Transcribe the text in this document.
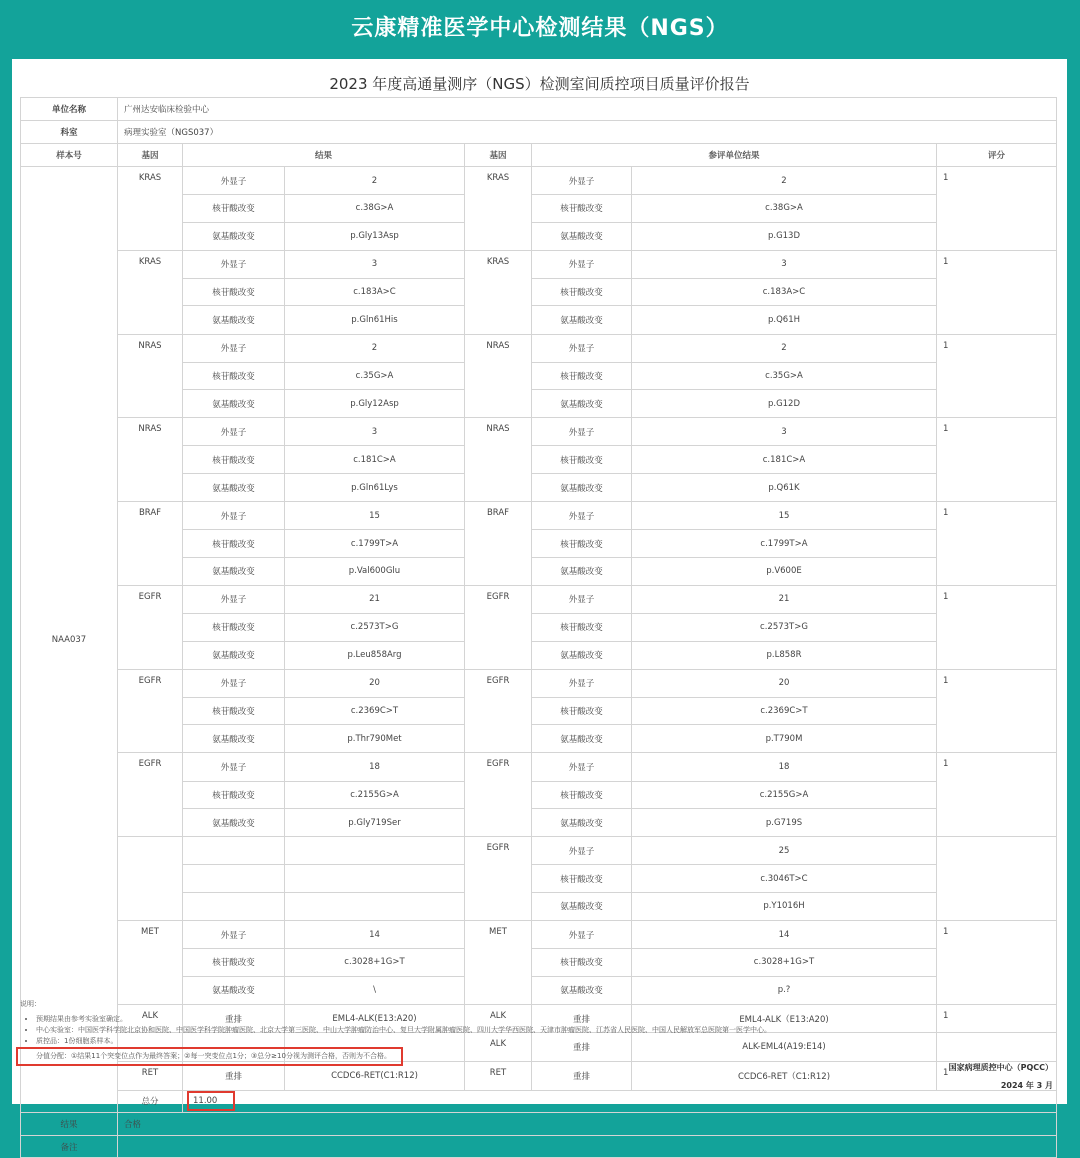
云康精准医学中心检测结果（NGS）
2023 年度高通量测序（NGS）检测室间质控项目质量评价报告
单位名称	广州达安临床检验中心						
科室	病理实验室（NGS037）						
样本号	基因	结果		基因	参评单位结果		评分
NAA037	KRAS	外显子	2	KRAS	外显子	2	1
		核苷酸改变	c.38G>A		核苷酸改变	c.38G>A	
		氨基酸改变	p.Gly13Asp		氨基酸改变	p.G13D	
	KRAS	外显子	3	KRAS	外显子	3	1
		核苷酸改变	c.183A>C		核苷酸改变	c.183A>C	
		氨基酸改变	p.Gln61His		氨基酸改变	p.Q61H	
	NRAS	外显子	2	NRAS	外显子	2	1
		核苷酸改变	c.35G>A		核苷酸改变	c.35G>A	
		氨基酸改变	p.Gly12Asp		氨基酸改变	p.G12D	
	NRAS	外显子	3	NRAS	外显子	3	1
		核苷酸改变	c.181C>A		核苷酸改变	c.181C>A	
		氨基酸改变	p.Gln61Lys		氨基酸改变	p.Q61K	
	BRAF	外显子	15	BRAF	外显子	15	1
		核苷酸改变	c.1799T>A		核苷酸改变	c.1799T>A	
		氨基酸改变	p.Val600Glu		氨基酸改变	p.V600E	
	EGFR	外显子	21	EGFR	外显子	21	1
		核苷酸改变	c.2573T>G		核苷酸改变	c.2573T>G	
		氨基酸改变	p.Leu858Arg		氨基酸改变	p.L858R	
	EGFR	外显子	20	EGFR	外显子	20	1
		核苷酸改变	c.2369C>T		核苷酸改变	c.2369C>T	
		氨基酸改变	p.Thr790Met		氨基酸改变	p.T790M	
	EGFR	外显子	18	EGFR	外显子	18	1
		核苷酸改变	c.2155G>A		核苷酸改变	c.2155G>A	
		氨基酸改变	p.Gly719Ser		氨基酸改变	p.G719S	
				EGFR	外显子	25	
					核苷酸改变	c.3046T>C	
					氨基酸改变	p.Y1016H	
	MET	外显子	14	MET	外显子	14	1
		核苷酸改变	c.3028+1G>T		核苷酸改变	c.3028+1G>T	
		氨基酸改变	\		氨基酸改变	p.?	
	ALK	重排	EML4-ALK(E13:A20)	ALK	重排	EML4-ALK（E13:A20)	1
				ALK	重排	ALK-EML4(A19:E14)	
	RET	重排	CCDC6-RET(C1:R12)	RET	重排	CCDC6-RET（C1:R12)	1
	总分	11.00					
结果	合格						
备注							
说明：
• 预期结果由参考实验室确定。
• 中心实验室：中国医学科学院北京协和医院、中国医学科学院肿瘤医院、北京大学第三医院、中山大学肿瘤防治中心、复旦大学附属肿瘤医院、四川大学华西医院、天津市肿瘤医院、江苏省人民医院、中国人民解放军总医院第一医学中心。
• 质控品：1份细胞系样本。
分值分配：①结果11个突变位点作为最终答案；②每一突变位点1分；③总分≥10分视为测评合格，否则为不合格。
国家病理质控中心（PQCC）
2024 年 3 月
